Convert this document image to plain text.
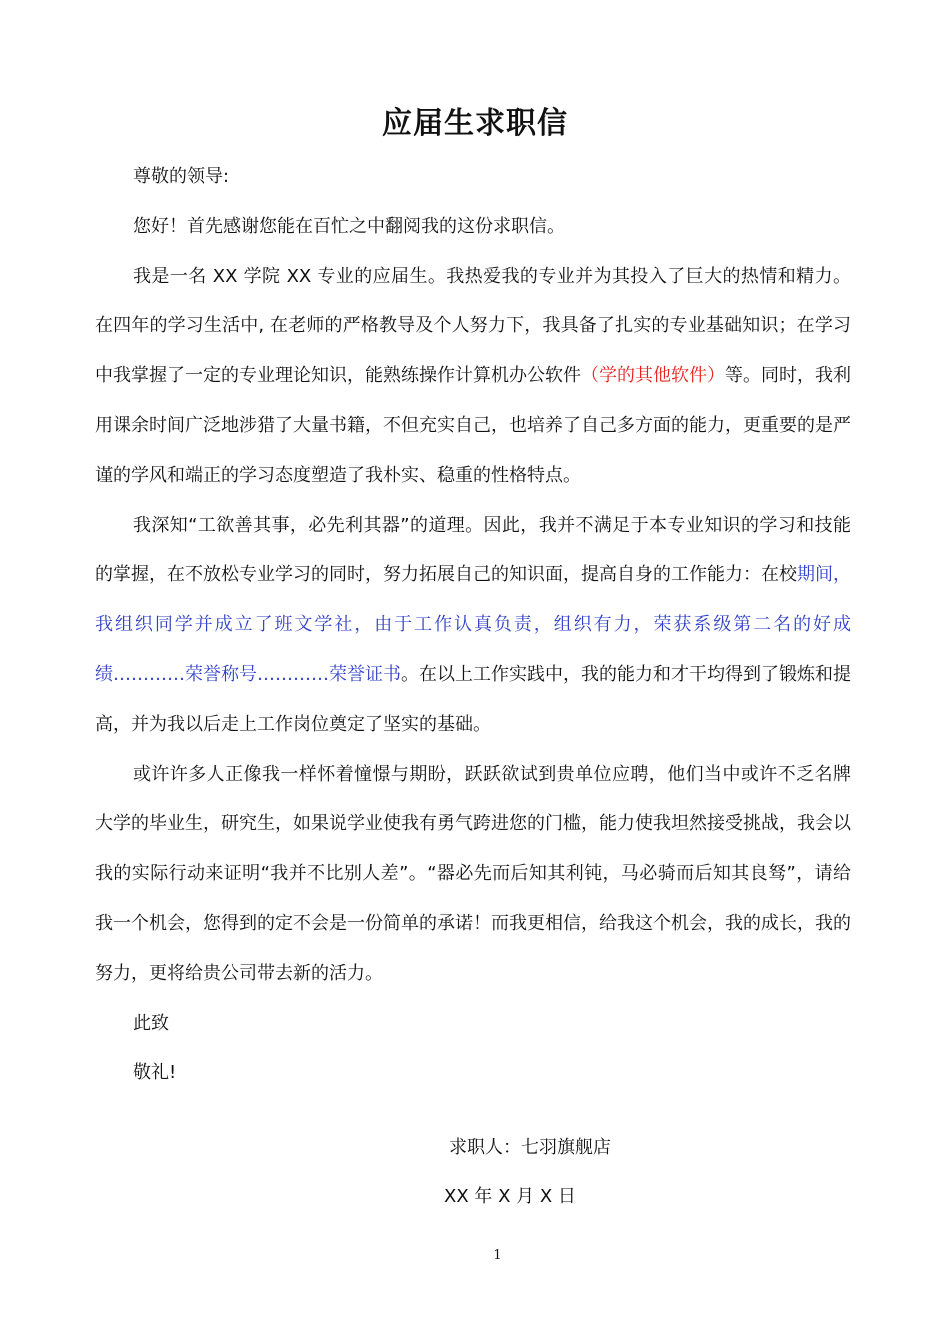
应届生求职信

尊敬的领导:

您好！首先感谢您能在百忙之中翻阅我的这份求职信。

我是一名 XX 学院 XX 专业的应届生。我热爱我的专业并为其投入了巨大的热情和精力。在四年的学习生活中, 在老师的严格教导及个人努力下，我具备了扎实的专业基础知识；在学习中我掌握了一定的专业理论知识，能熟练操作计算机办公软件（学的其他软件）等。同时，我利用课余时间广泛地涉猎了大量书籍，不但充实自己，也培养了自己多方面的能力，更重要的是严谨的学风和端正的学习态度塑造了我朴实、稳重的性格特点。

我深知“工欲善其事，必先利其器”的道理。因此，我并不满足于本专业知识的学习和技能的掌握，在不放松专业学习的同时，努力拓展自己的知识面，提高自身的工作能力：在校期间，我组织同学并成立了班文学社，由于工作认真负责，组织有力，荣获系级第二名的好成绩…………荣誉称号…………荣誉证书。在以上工作实践中，我的能力和才干均得到了锻炼和提高，并为我以后走上工作岗位奠定了坚实的基础。

或许许多人正像我一样怀着憧憬与期盼，跃跃欲试到贵单位应聘，他们当中或许不乏名牌大学的毕业生，研究生，如果说学业使我有勇气跨进您的门槛，能力使我坦然接受挑战，我会以我的实际行动来证明“我并不比别人差”。“器必先而后知其利钝，马必骑而后知其良驽”，请给我一个机会，您得到的定不会是一份简单的承诺！而我更相信，给我这个机会，我的成长，我的努力，更将给贵公司带去新的活力。

此致

敬礼!

求职人：七羽旗舰店
XX 年 X 月 X 日
1
